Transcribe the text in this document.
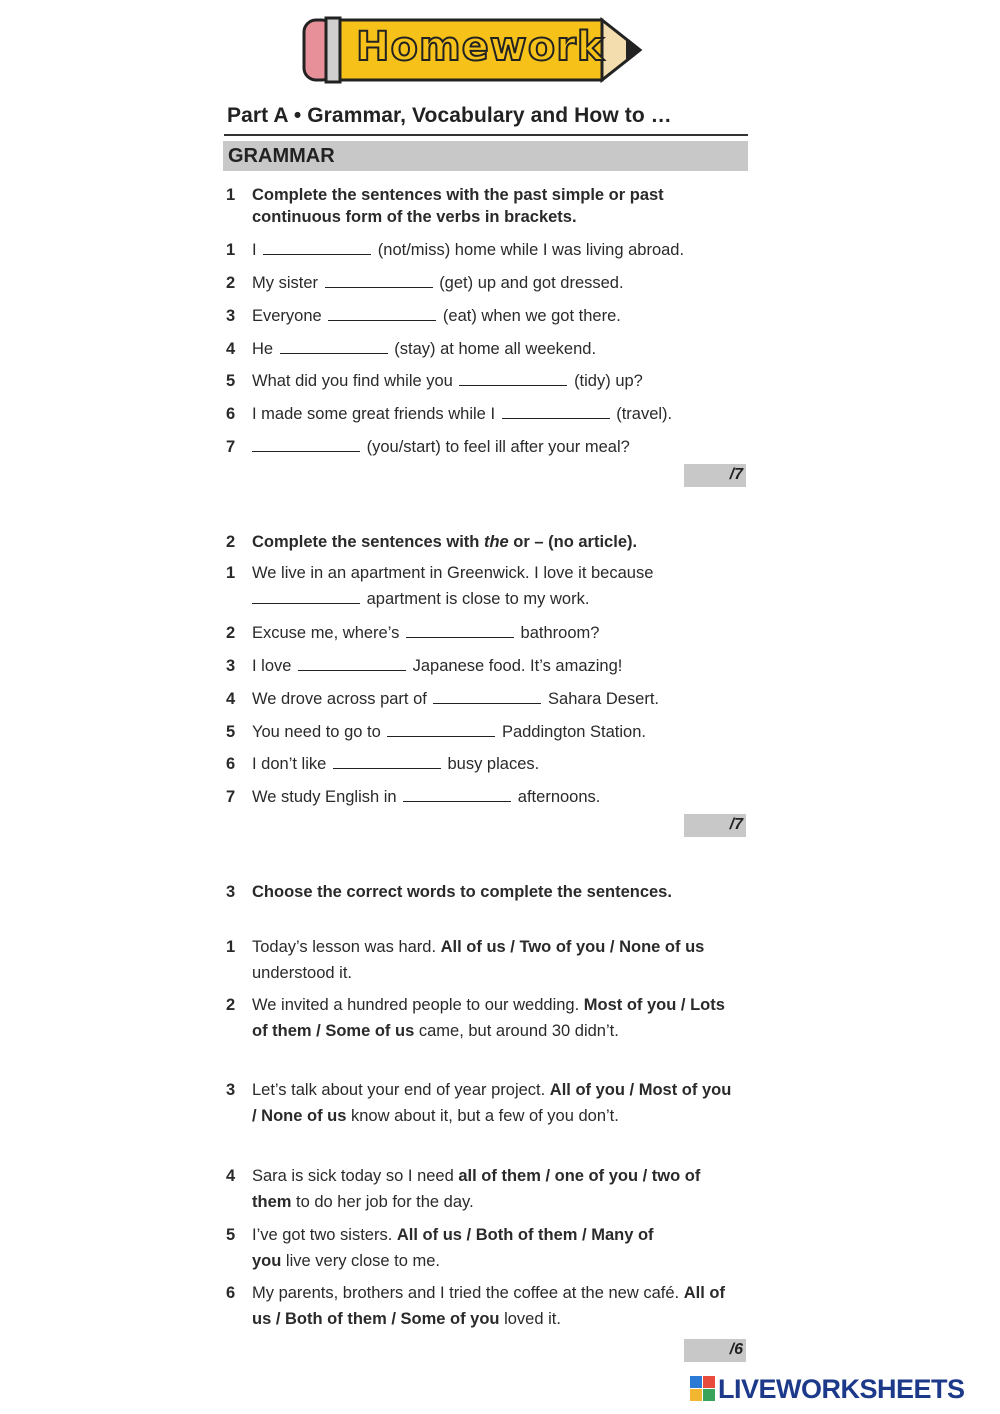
Homework
Part A • Grammar, Vocabulary and How to …
GRAMMAR
1 Complete the sentences with the past simple or past continuous form of the verbs in brackets.
1 I	(not/miss) home while I was living abroad.
2 My sister	(get) up and got dressed.
3 Everyone	(eat) when we got there.
4 He	(stay) at home all weekend.
5 What did you find while you	(tidy) up?
6 I made some great friends while I	(travel).
7	(you/start) to feel ill after your meal?
/7
2 Complete the sentences with the or – (no article).
1 We live in an apartment in Greenwick. I love it because
apartment is close to my work.
2 Excuse me, where’s	bathroom?
3 I love	Japanese food. It’s amazing!
4 We drove across part of	Sahara Desert.
5 You need to go to	Paddington Station.
6 I don’t like	busy places.
7 We study English in	afternoons.
/7
3 Choose the correct words to complete the sentences.
1 Today’s lesson was hard. All of us / Two of you / None of us understood it.
2 We invited a hundred people to our wedding. Most of you / Lots of them / Some of us came, but around 30 didn’t.
3 Let’s talk about your end of year project. All of you / Most of you / None of us know about it, but a few of you don’t.
4 Sara is sick today so I need all of them / one of you / two of them to do her job for the day.
5 I’ve got two sisters. All of us / Both of them / Many of you live very close to me.
6 My parents, brothers and I tried the coffee at the new café. All of us / Both of them / Some of you loved it.
/6
LIVEWORKSHEETS
